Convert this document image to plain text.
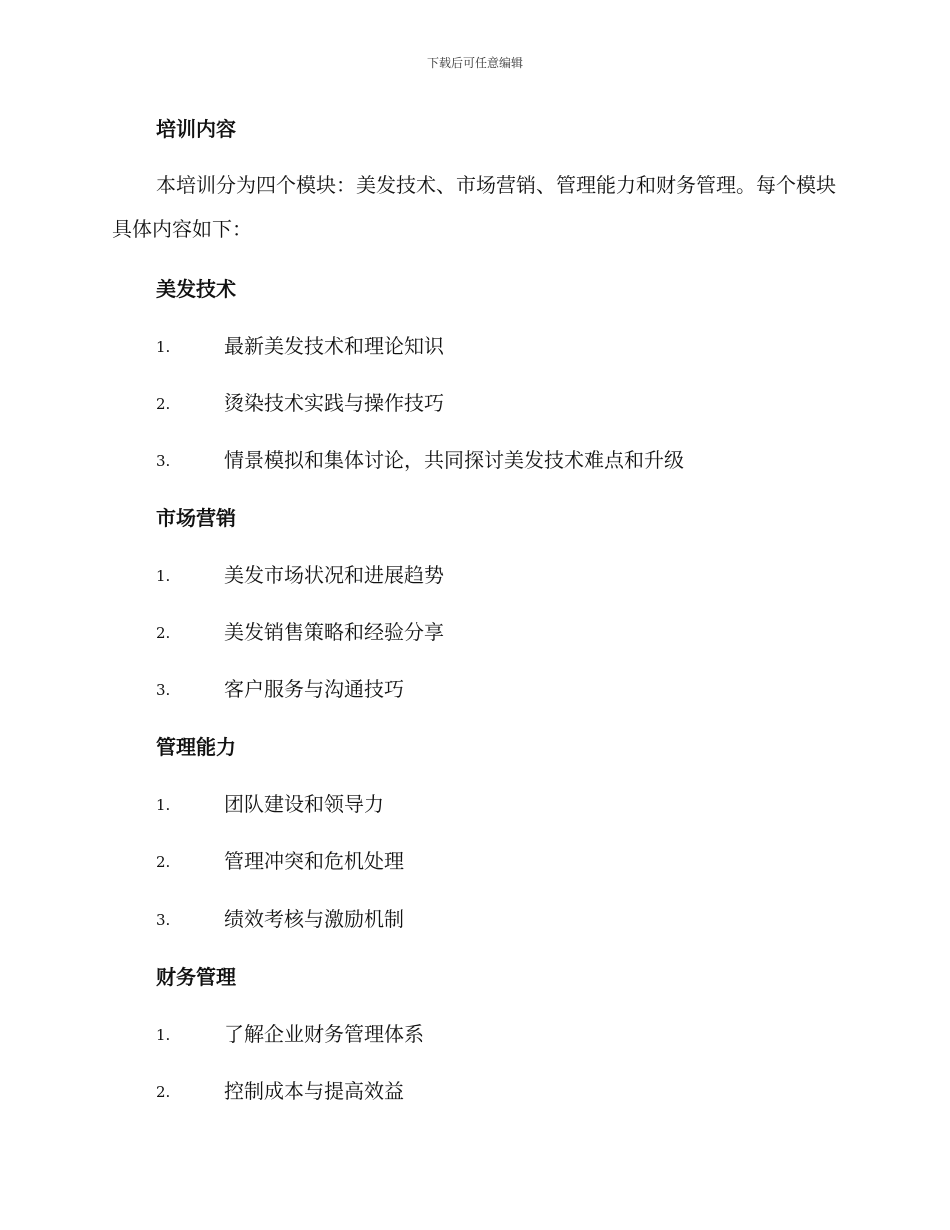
下载后可任意编辑
培训内容

本培训分为四个模块：美发技术、市场营销、管理能力和财务管理。每个模块具体内容如下：

美发技术
1.	最新美发技术和理论知识
2.	烫染技术实践与操作技巧
3.	情景模拟和集体讨论，共同探讨美发技术难点和升级
市场营销
1.	美发市场状况和进展趋势
2.	美发销售策略和经验分享
3.	客户服务与沟通技巧
管理能力
1.	团队建设和领导力
2.	管理冲突和危机处理
3.	绩效考核与激励机制
财务管理
1.	了解企业财务管理体系
2.	控制成本与提高效益
